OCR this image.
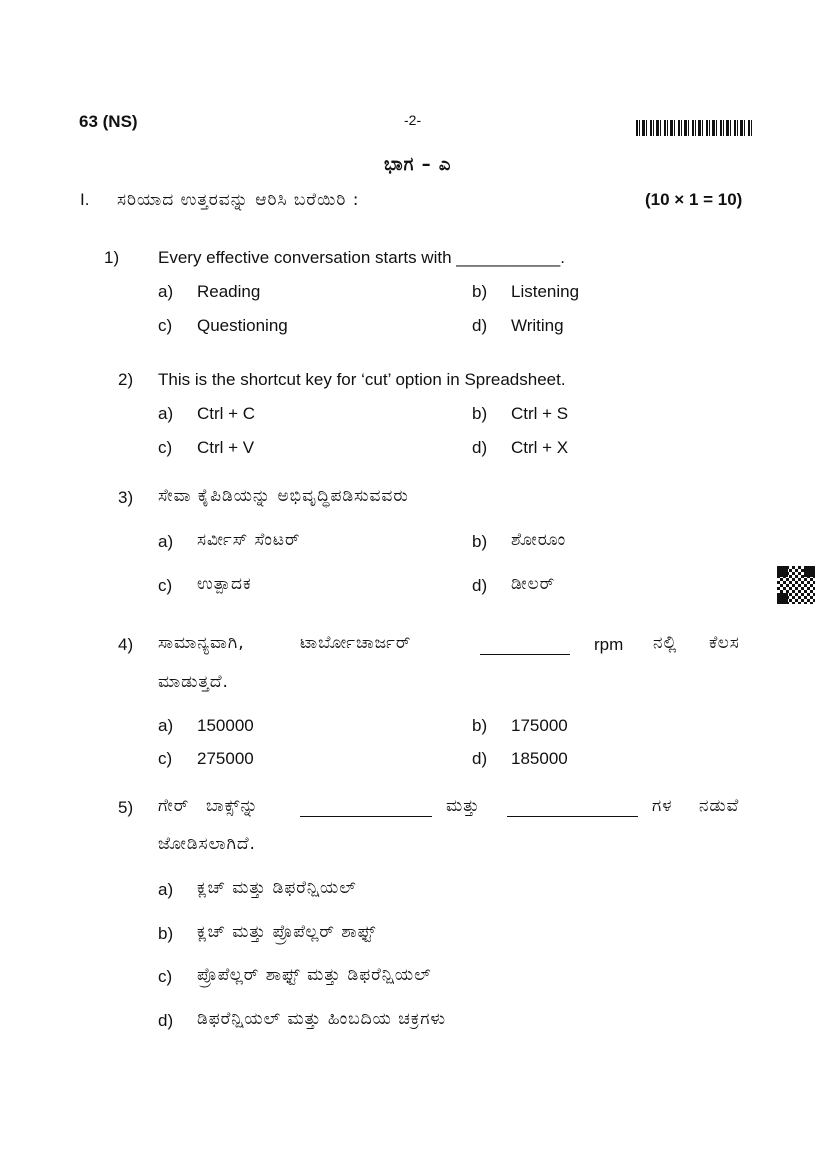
63 (NS)	-2-
ಭಾಗ – ಎ
I. ಸರಿಯಾದ ಉತ್ತರವನ್ನು ಆರಿಸಿ ಬರೆಯಿರಿ :	(10 × 1 = 10)
1) Every effective conversation starts with ___________.
a) Reading	b) Listening
c) Questioning	d) Writing
2) This is the shortcut key for ‘cut’ option in Spreadsheet.
a) Ctrl + C	b) Ctrl + S
c) Ctrl + V	d) Ctrl + X
3) ಸೇವಾ ಕೈಪಿಡಿಯನ್ನು ಅಭಿವೃದ್ಧಿಪಡಿಸುವವರು
a) ಸರ್ವೀಸ್ ಸೆಂಟರ್	b) ಶೋರೂಂ
c) ಉತ್ಪಾದಕ	d) ಡೀಲರ್
4) ಸಾಮಾನ್ಯವಾಗಿ,	ಟಾರ್ಬೋಚಾರ್ಜರ್	rpm ನಲ್ಲಿ ಕೆಲಸ
ಮಾಡುತ್ತದೆ.
a) 150000	b) 175000
c) 275000	d) 185000
5) ಗೇರ್ ಬಾಕ್ಸ್‌ನ್ನು	ಮತ್ತು	ಗಳ ನಡುವೆ
ಜೋಡಿಸಲಾಗಿದೆ.
a) ಕ್ಲಚ್ ಮತ್ತು ಡಿಫರೆನ್ಷಿಯಲ್
b) ಕ್ಲಚ್ ಮತ್ತು ಪ್ರೊಪೆಲ್ಲರ್ ಶಾಫ್ಟ್
c) ಪ್ರೊಪೆಲ್ಲರ್ ಶಾಫ್ಟ್ ಮತ್ತು ಡಿಫರೆನ್ಷಿಯಲ್
d) ಡಿಫರೆನ್ಷಿಯಲ್ ಮತ್ತು ಹಿಂಬದಿಯ ಚಕ್ರಗಳು
